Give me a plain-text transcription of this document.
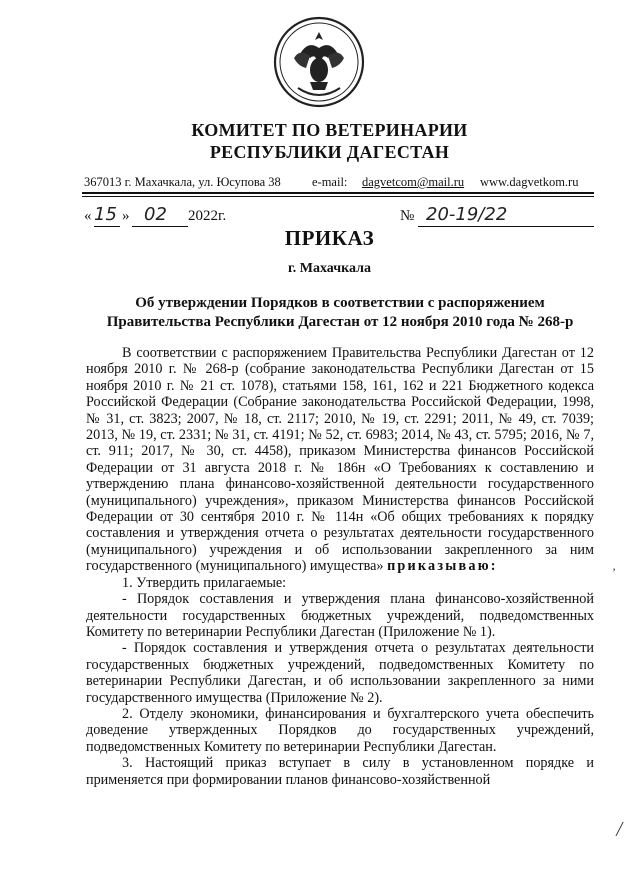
КОМИТЕТ ПО ВЕТЕРИНАРИИ
РЕСПУБЛИКИ ДАГЕСТАН
367013 г. Махачкала, ул. Юсупова 38 e-mail: dagvetcom@mail.ru www.dagvetkom.ru
« 15 » 02 2022г.	№ 20-19/22
ПРИКАЗ
г. Махачкала
Об утверждении Порядков в соответствии с распоряжением
Правительства Республики Дагестан от 12 ноября 2010 года № 268-р

В соответствии с распоряжением Правительства Республики Дагестан от 12 ноября 2010 г. № 268-р (собрание законодательства Республики Дагестан от 15 ноября 2010 г. № 21 ст. 1078), статьями 158, 161, 162 и 221 Бюджетного кодекса Российской Федерации (Собрание законодательства Российской Федерации, 1998, № 31, ст. 3823; 2007, № 18, ст. 2117; 2010, № 19, ст. 2291; 2011, № 49, ст. 7039; 2013, № 19, ст. 2331; № 31, ст. 4191; № 52, ст. 6983; 2014, № 43, ст. 5795; 2016, № 7, ст. 911; 2017, № 30, ст. 4458), приказом Министерства финансов Российской Федерации от 31 августа 2018 г. № 186н «О Требованиях к составлению и утверждению плана финансово-хозяйственной деятельности государственного (муниципального) учреждения», приказом Министерства финансов Российской Федерации от 30 сентября 2010 г. № 114н «Об общих требованиях к порядку составления и утверждения отчета о результатах деятельности государственного (муниципального) учреждения и об использовании закрепленного за ним государственного (муниципального) имущества» приказываю:

1. Утвердить прилагаемые:

- Порядок составления и утверждения плана финансово-хозяйственной деятельности государственных бюджетных учреждений, подведомственных Комитету по ветеринарии Республики Дагестан (Приложение № 1).

- Порядок составления и утверждения отчета о результатах деятельности государственных бюджетных учреждений, подведомственных Комитету по ветеринарии Республики Дагестан, и об использовании закрепленного за ними государственного имущества (Приложение № 2).

2. Отделу экономики, финансирования и бухгалтерского учета обеспечить доведение утвержденных Порядков до государственных учреждений, подведомственных Комитету по ветеринарии Республики Дагестан.

3. Настоящий приказ вступает в силу в установленном порядке и применяется при формировании планов финансово-хозяйственной

’
╱
